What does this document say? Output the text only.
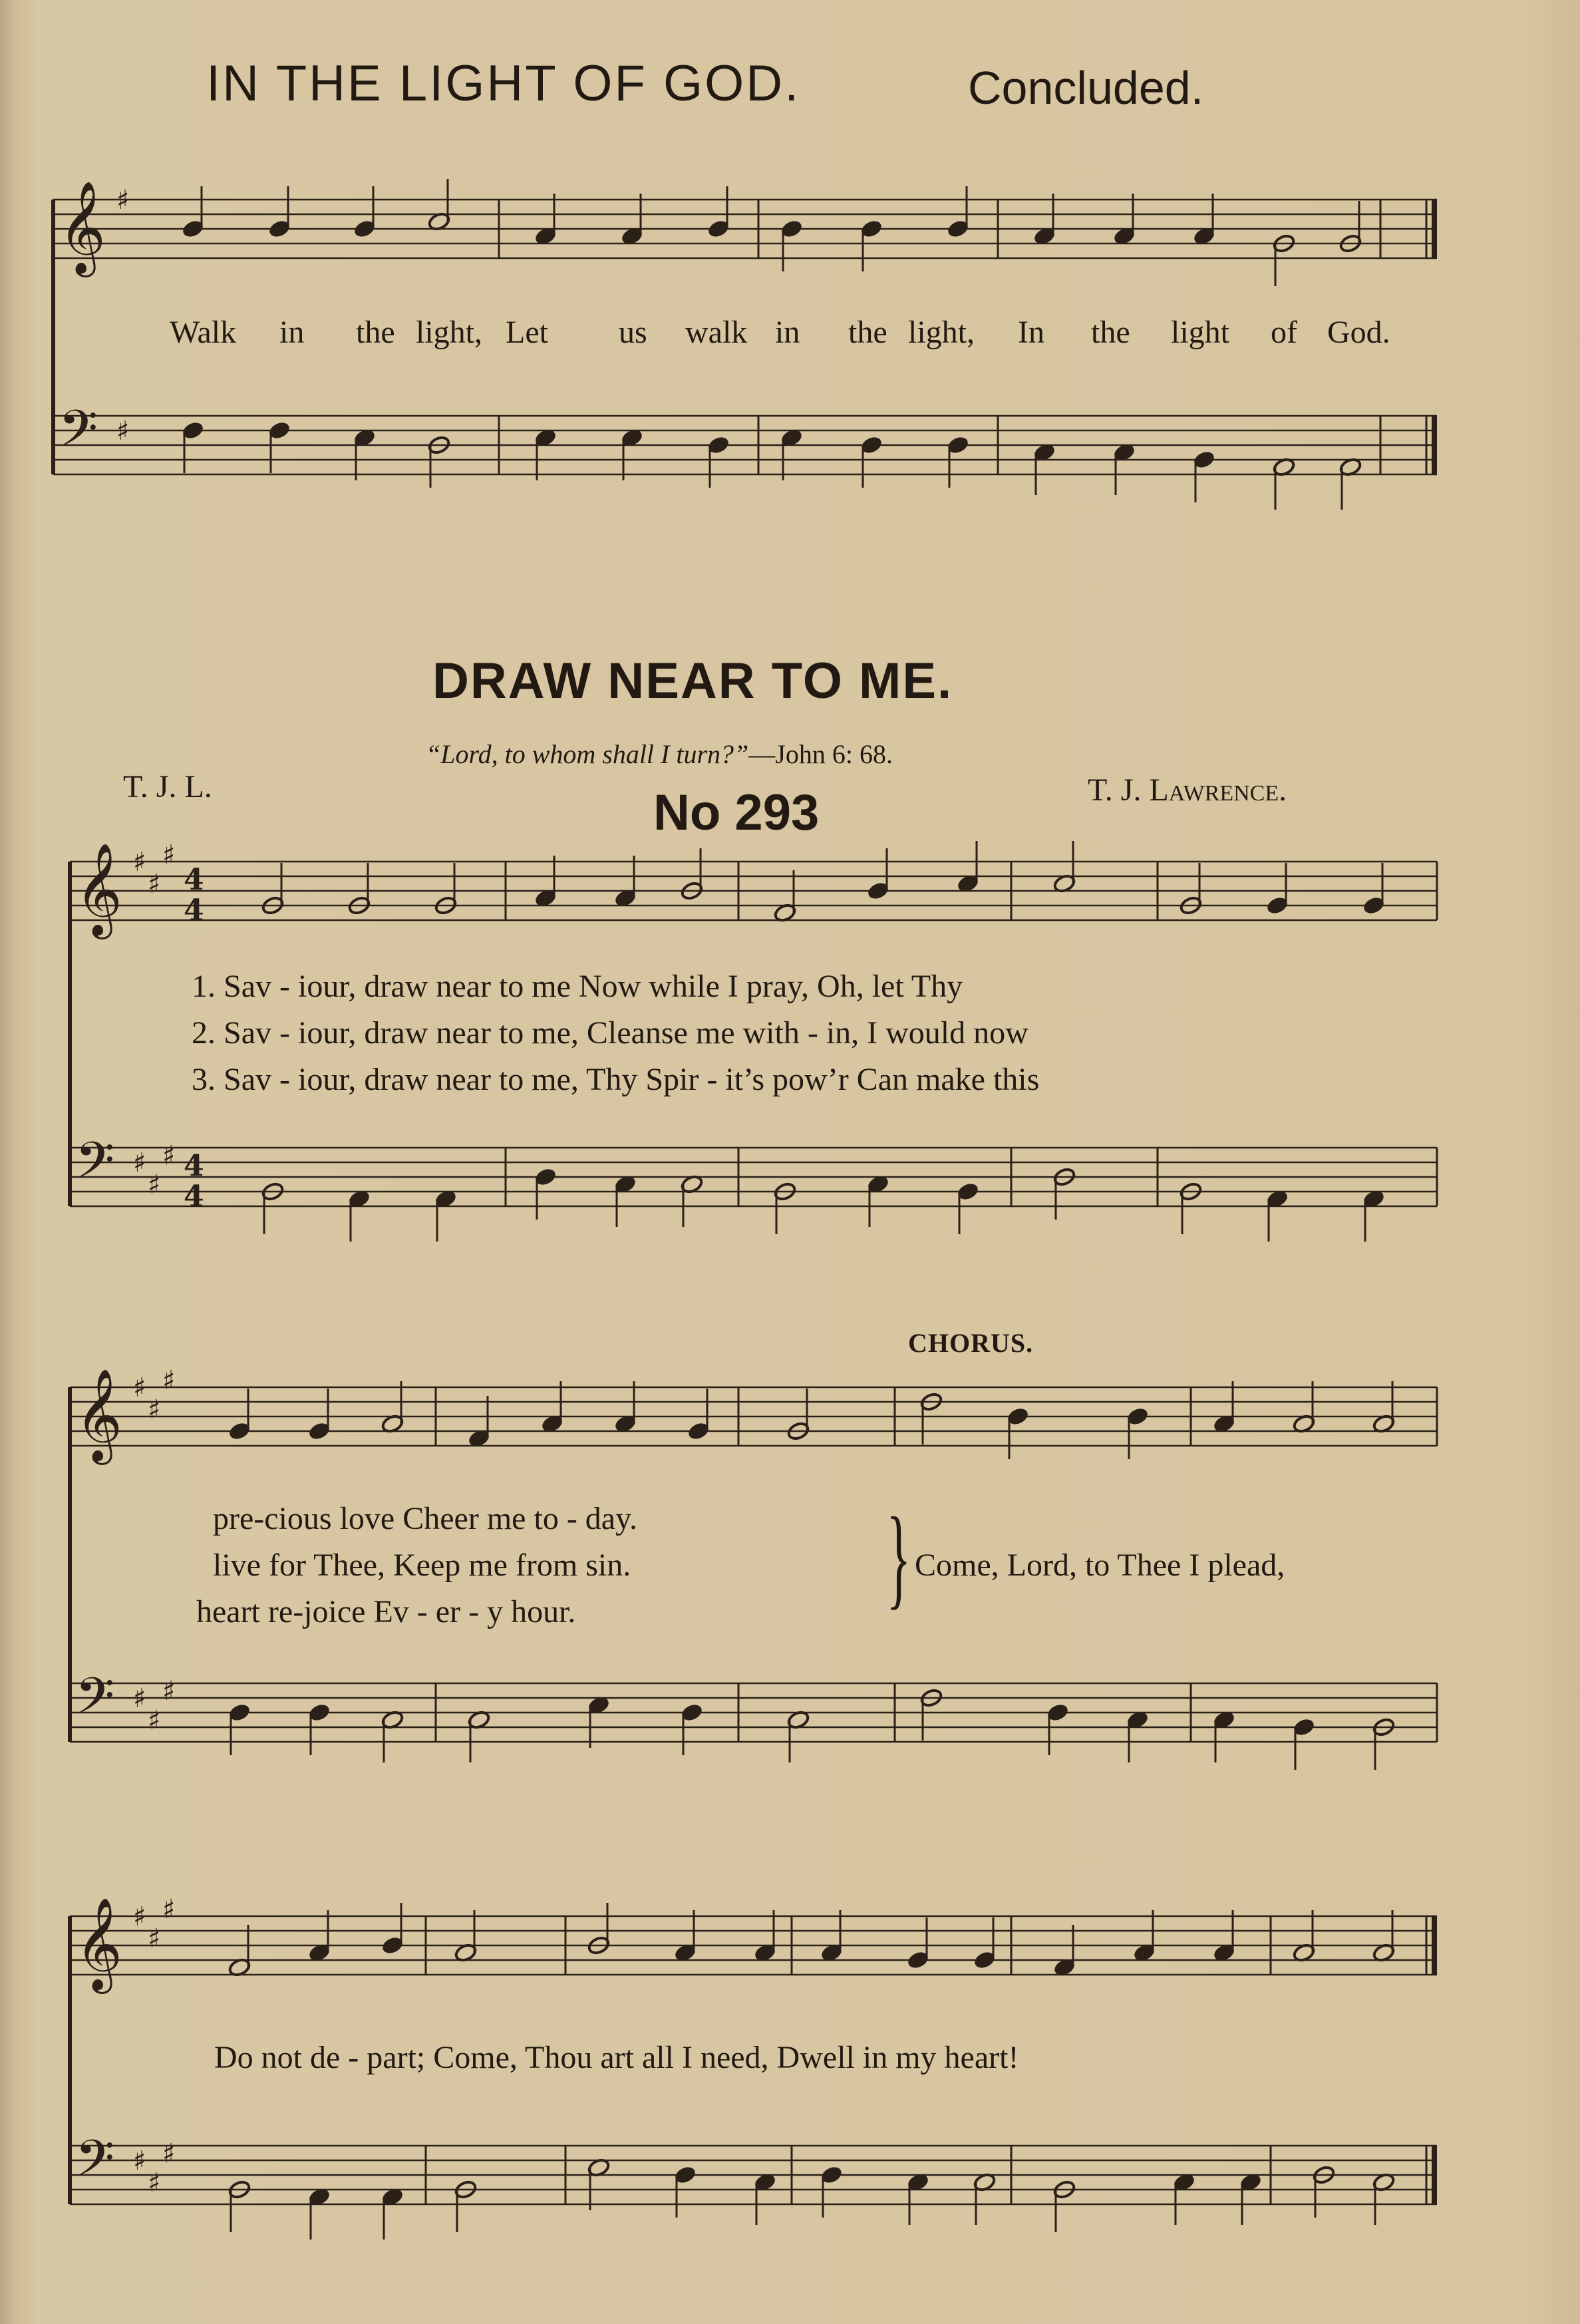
IN THE LIGHT OF GOD.	Concluded.
𝄞 ♯
𝄢 ♯
𝄞 ♯
♯
♯
4
4
𝄢 ♯
♯
♯ 4
4
𝄞 ♯
♯
♯
𝄢 ♯
♯
♯
𝄞 ♯
♯
♯
𝄢 ♯
♯
♯
Walk in the light, Let us walk in the light, In the light of God.
DRAW NEAR TO ME.
“Lord, to whom shall I turn?”—John 6: 68.
T. J. L.	No 293	T. J. Lawrence.
1. Sav - iour, draw near to me Now while I pray, Oh, let Thy
2. Sav - iour, draw near to me, Cleanse me with - in, I would now
3. Sav - iour, draw near to me, Thy Spir - it’s pow’r Can make this
CHORUS.
pre-cious love Cheer me to - day.
live for Thee, Keep me from sin.
heart re-joice Ev - er - y hour.	} Come, Lord, to Thee I plead,
Do not de - part; Come, Thou art all I need, Dwell in my heart!
